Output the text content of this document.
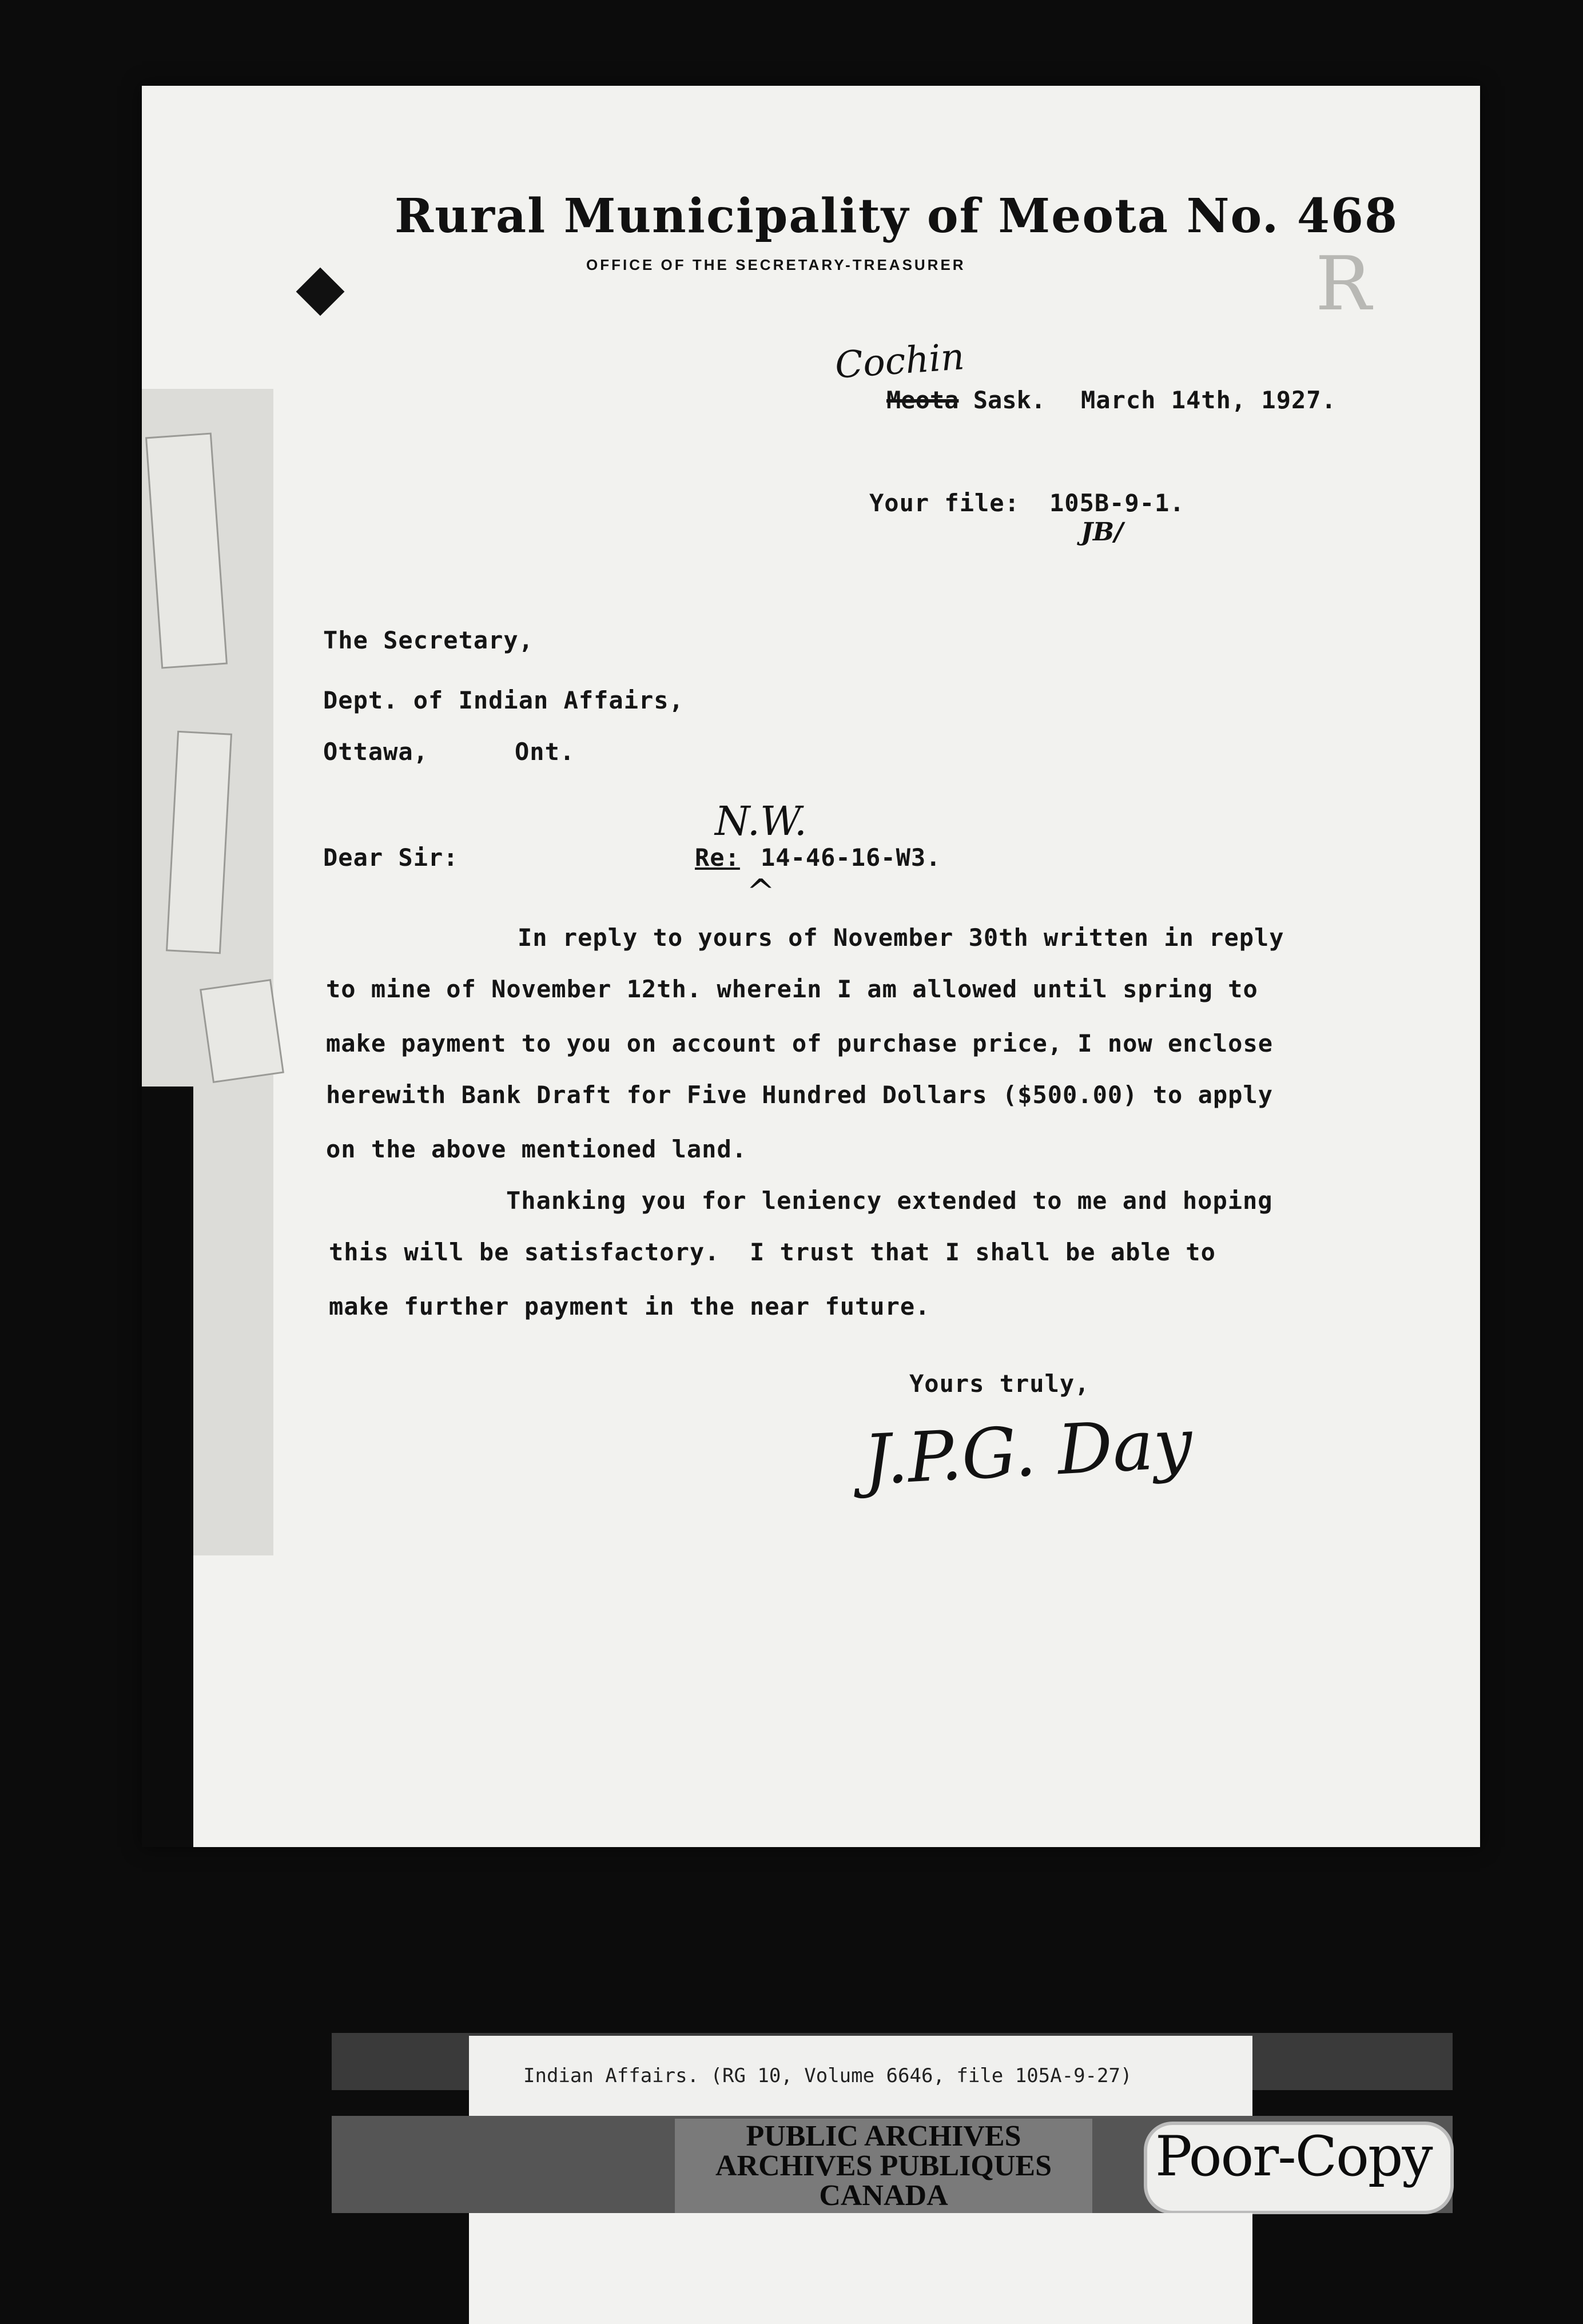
Rural Municipality of Meota No. 468
OFFICE OF THE SECRETARY-TREASURER	R
Cochin
Meota Sask. March 14th, 1927.
Your file: 105B-9-1.
JB/
The Secretary,
Dept. of Indian Affairs,
Ottawa,	Ont.
Dear Sir:
N.W.
Re: 14-46-16-W3.
^
In reply to yours of November 30th written in reply
to mine of November 12th. wherein I am allowed until spring to
make payment to you on account of purchase price, I now enclose
herewith Bank Draft for Five Hundred Dollars ($500.00) to apply
on the above mentioned land.
Thanking you for leniency extended to me and hoping
this will be satisfactory.  I trust that I shall be able to
make further payment in the near future.
Yours truly,
J.P.G. Day
Indian Affairs. (RG 10, Volume 6646, file 105A-9-27)
PUBLIC ARCHIVES
ARCHIVES PUBLIQUES
CANADA
Poor-Copy
